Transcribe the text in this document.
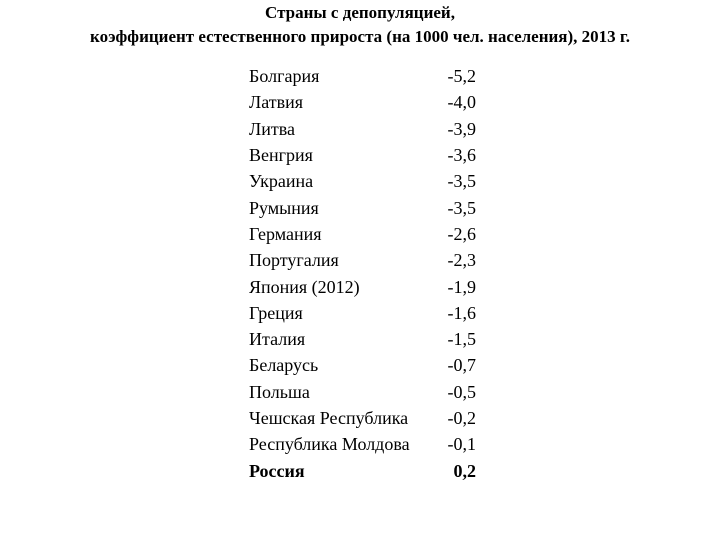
Страны с депопуляцией,
коэффициент естественного прироста (на 1000 чел. населения), 2013 г.
Болгария	-5,2
Латвия	-4,0
Литва	-3,9
Венгрия	-3,6
Украина	-3,5
Румыния	-3,5
Германия	-2,6
Португалия	-2,3
Япония (2012)	-1,9
Греция	-1,6
Италия	-1,5
Беларусь	-0,7
Польша	-0,5
Чешская Республика	-0,2
Республика Молдова	-0,1
Россия	0,2
